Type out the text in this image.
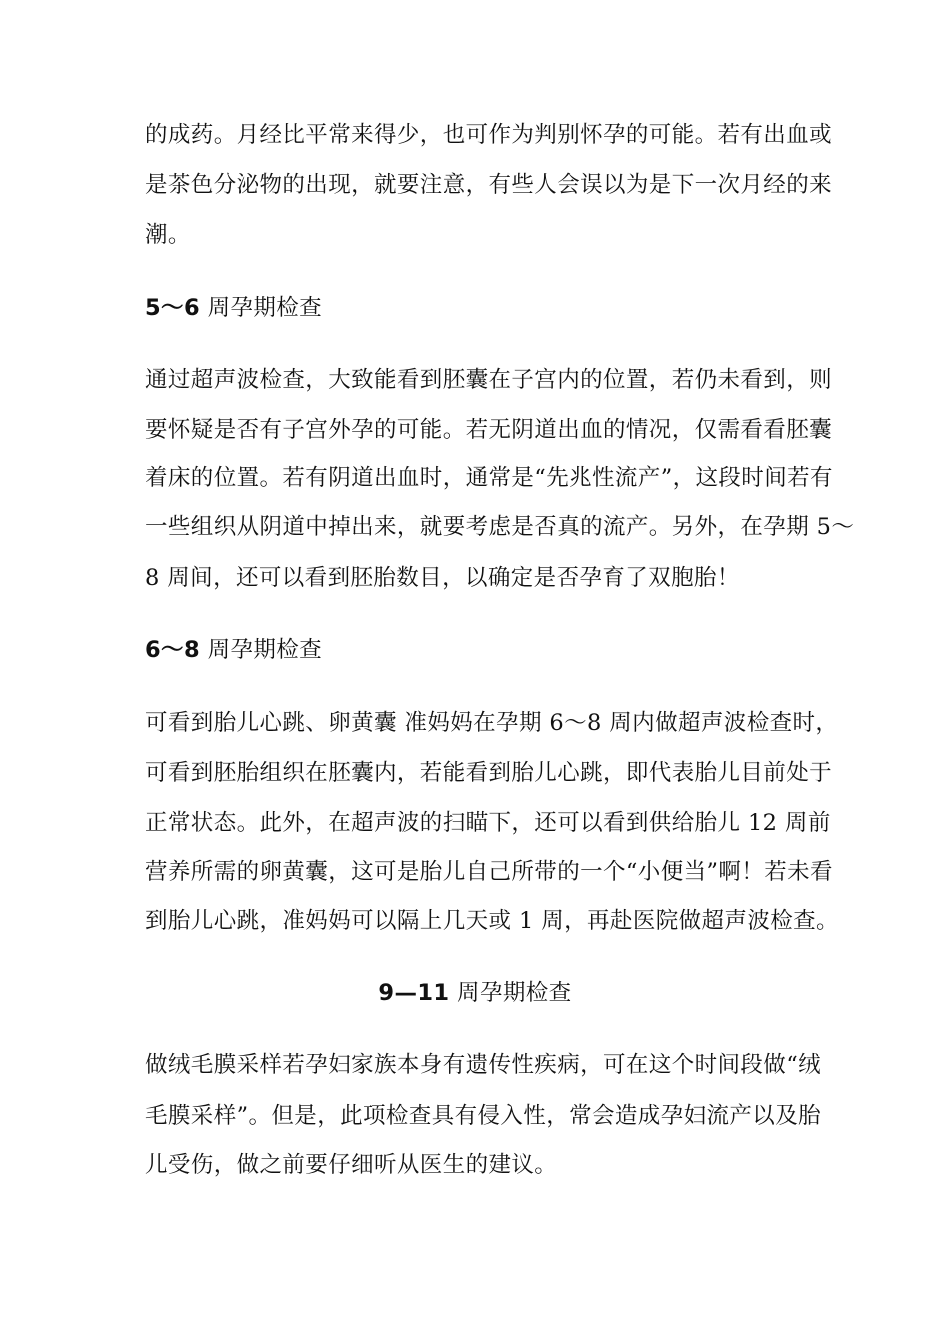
的成药。月经比平常来得少，也可作为判别怀孕的可能。若有出血或
是茶色分泌物的出现，就要注意，有些人会误以为是下一次月经的来
潮。
5～6 周孕期检查
通过超声波检查，大致能看到胚囊在子宫内的位置，若仍未看到，则
要怀疑是否有子宫外孕的可能。若无阴道出血的情况，仅需看看胚囊
着床的位置。若有阴道出血时，通常是“先兆性流产”，这段时间若有
一些组织从阴道中掉出来，就要考虑是否真的流产。另外，在孕期 5～
8 周间，还可以看到胚胎数目，以确定是否孕育了双胞胎！
6～8 周孕期检查
可看到胎儿心跳、卵黄囊 准妈妈在孕期 6～8 周内做超声波检查时，
可看到胚胎组织在胚囊内，若能看到胎儿心跳，即代表胎儿目前处于
正常状态。此外，在超声波的扫瞄下，还可以看到供给胎儿 12 周前
营养所需的卵黄囊，这可是胎儿自己所带的一个“小便当”啊！若未看
到胎儿心跳，准妈妈可以隔上几天或 1 周，再赴医院做超声波检查。
9—11 周孕期检查
做绒毛膜采样若孕妇家族本身有遗传性疾病，可在这个时间段做“绒
毛膜采样”。但是，此项检查具有侵入性，常会造成孕妇流产以及胎
儿受伤，做之前要仔细听从医生的建议。
